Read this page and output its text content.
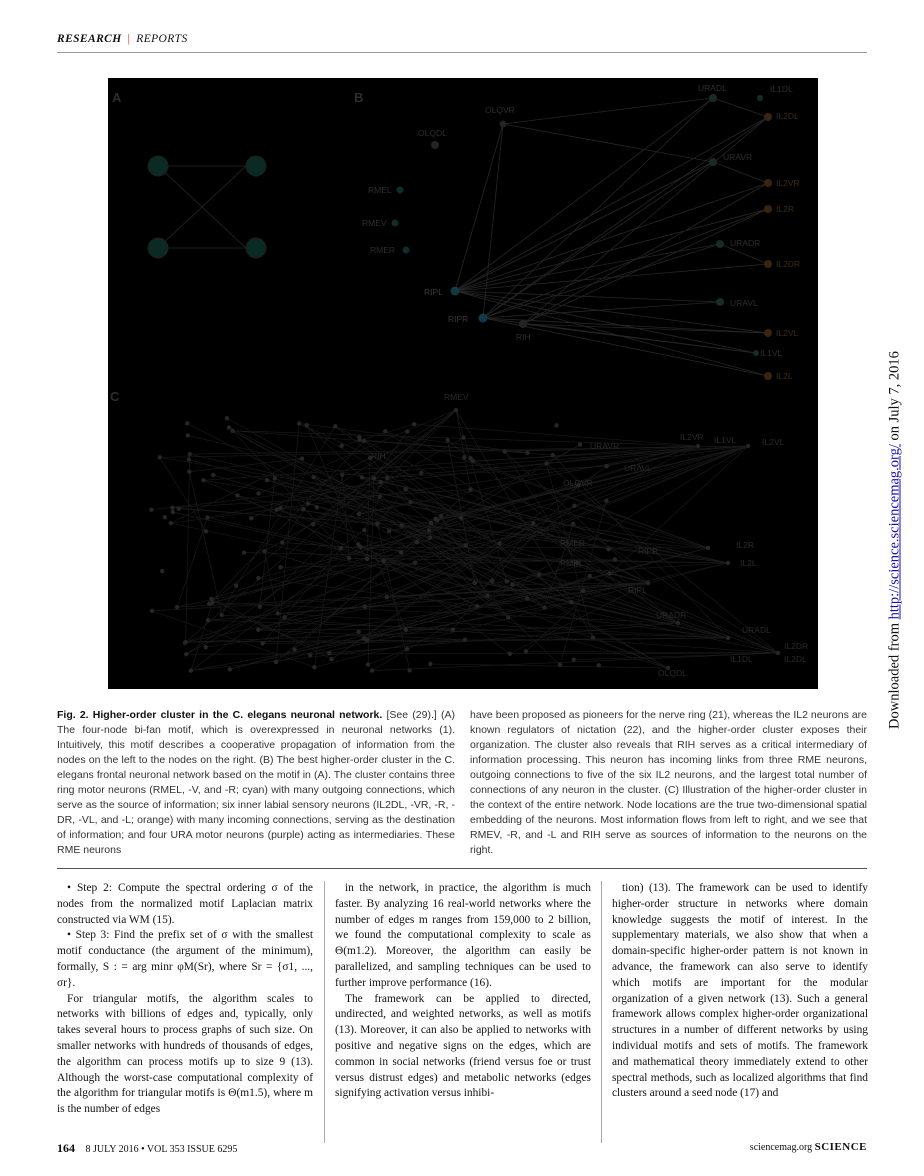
RESEARCH | REPORTS
A	B
URADL	IL1DL
IL2DL
OLQVR
OLQDL
URAVR
IL2VR
IL2R
RMEL
RMEV
RMER
URADR
IL2DR
RIPL
RIPR
URAVL
RIH	IL2VL
IL1VL
IL2L
C	RMEV
IL2VR IL1VL	IL2VL
RIH
URAVR
URAVL
OLQVR
RMER
RIPR
IL2R
RMEL	IL2L
RIPL
URADR
URADL
IL2DR
IL1DL	IL2DL
OLQDL	Downloaded from http://science.sciencemag.org/ on July 7, 2016
Fig. 2. Higher-order cluster in the C. elegans neuronal network. [See (29).] (A) The four-node bi-fan motif, which is overexpressed in neuronal networks (1). Intuitively, this motif describes a cooperative propagation of information from the nodes on the left to the nodes on the right. (B) The best higher-order cluster in the C. elegans frontal neuronal network based on the motif in (A). The cluster contains three ring motor neurons (RMEL, -V, and -R; cyan) with many outgoing connections, which serve as the source of information; six inner labial sensory neurons (IL2DL, -VR, -R, -DR, -VL, and -L; orange) with many incoming connections, serving as the destination of information; and four URA motor neurons (purple) acting as intermediaries. These RME neurons
have been proposed as pioneers for the nerve ring (21), whereas the IL2 neurons are known regulators of nictation (22), and the higher-order cluster exposes their organization. The cluster also reveals that RIH serves as a critical intermediary of information processing. This neuron has incoming links from three RME neurons, outgoing connections to five of the six IL2 neurons, and the largest total number of connections of any neuron in the cluster. (C) Illustration of the higher-order cluster in the context of the entire network. Node locations are the true two-dimensional spatial embedding of the neurons. Most information flows from left to right, and we see that RMEV, -R, and -L and RIH serve as sources of information to the neurons on the right.

• Step 2: Compute the spectral ordering σ of the nodes from the normalized motif Laplacian matrix constructed via WM (15).

• Step 3: Find the prefix set of σ with the smallest motif conductance (the argument of the minimum), formally, S : = arg minr φM(Sr), where Sr = {σ1, ..., σr}.

For triangular motifs, the algorithm scales to networks with billions of edges and, typically, only takes several hours to process graphs of such size. On smaller networks with hundreds of thousands of edges, the algorithm can process motifs up to size 9 (13). Although the worst-case computational complexity of the algorithm for triangular motifs is Θ(m1.5), where m is the number of edges

in the network, in practice, the algorithm is much faster. By analyzing 16 real-world networks where the number of edges m ranges from 159,000 to 2 billion, we found the computational complexity to scale as Θ(m1.2). Moreover, the algorithm can easily be parallelized, and sampling techniques can be used to further improve performance (16).

The framework can be applied to directed, undirected, and weighted networks, as well as motifs (13). Moreover, it can also be applied to networks with positive and negative signs on the edges, which are common in social networks (friend versus foe or trust versus distrust edges) and metabolic networks (edges signifying activation versus inhibi-

tion) (13). The framework can be used to identify higher-order structure in networks where domain knowledge suggests the motif of interest. In the supplementary materials, we also show that when a domain-specific higher-order pattern is not known in advance, the framework can also serve to identify which motifs are important for the modular organization of a given network (13). Such a general framework allows complex higher-order organizational structures in a number of different networks by using individual motifs and sets of motifs. The framework and mathematical theory immediately extend to other spectral methods, such as localized algorithms that find clusters around a seed node (17) and

164 8 JULY 2016 • VOL 353 ISSUE 6295	sciencemag.org SCIENCE
